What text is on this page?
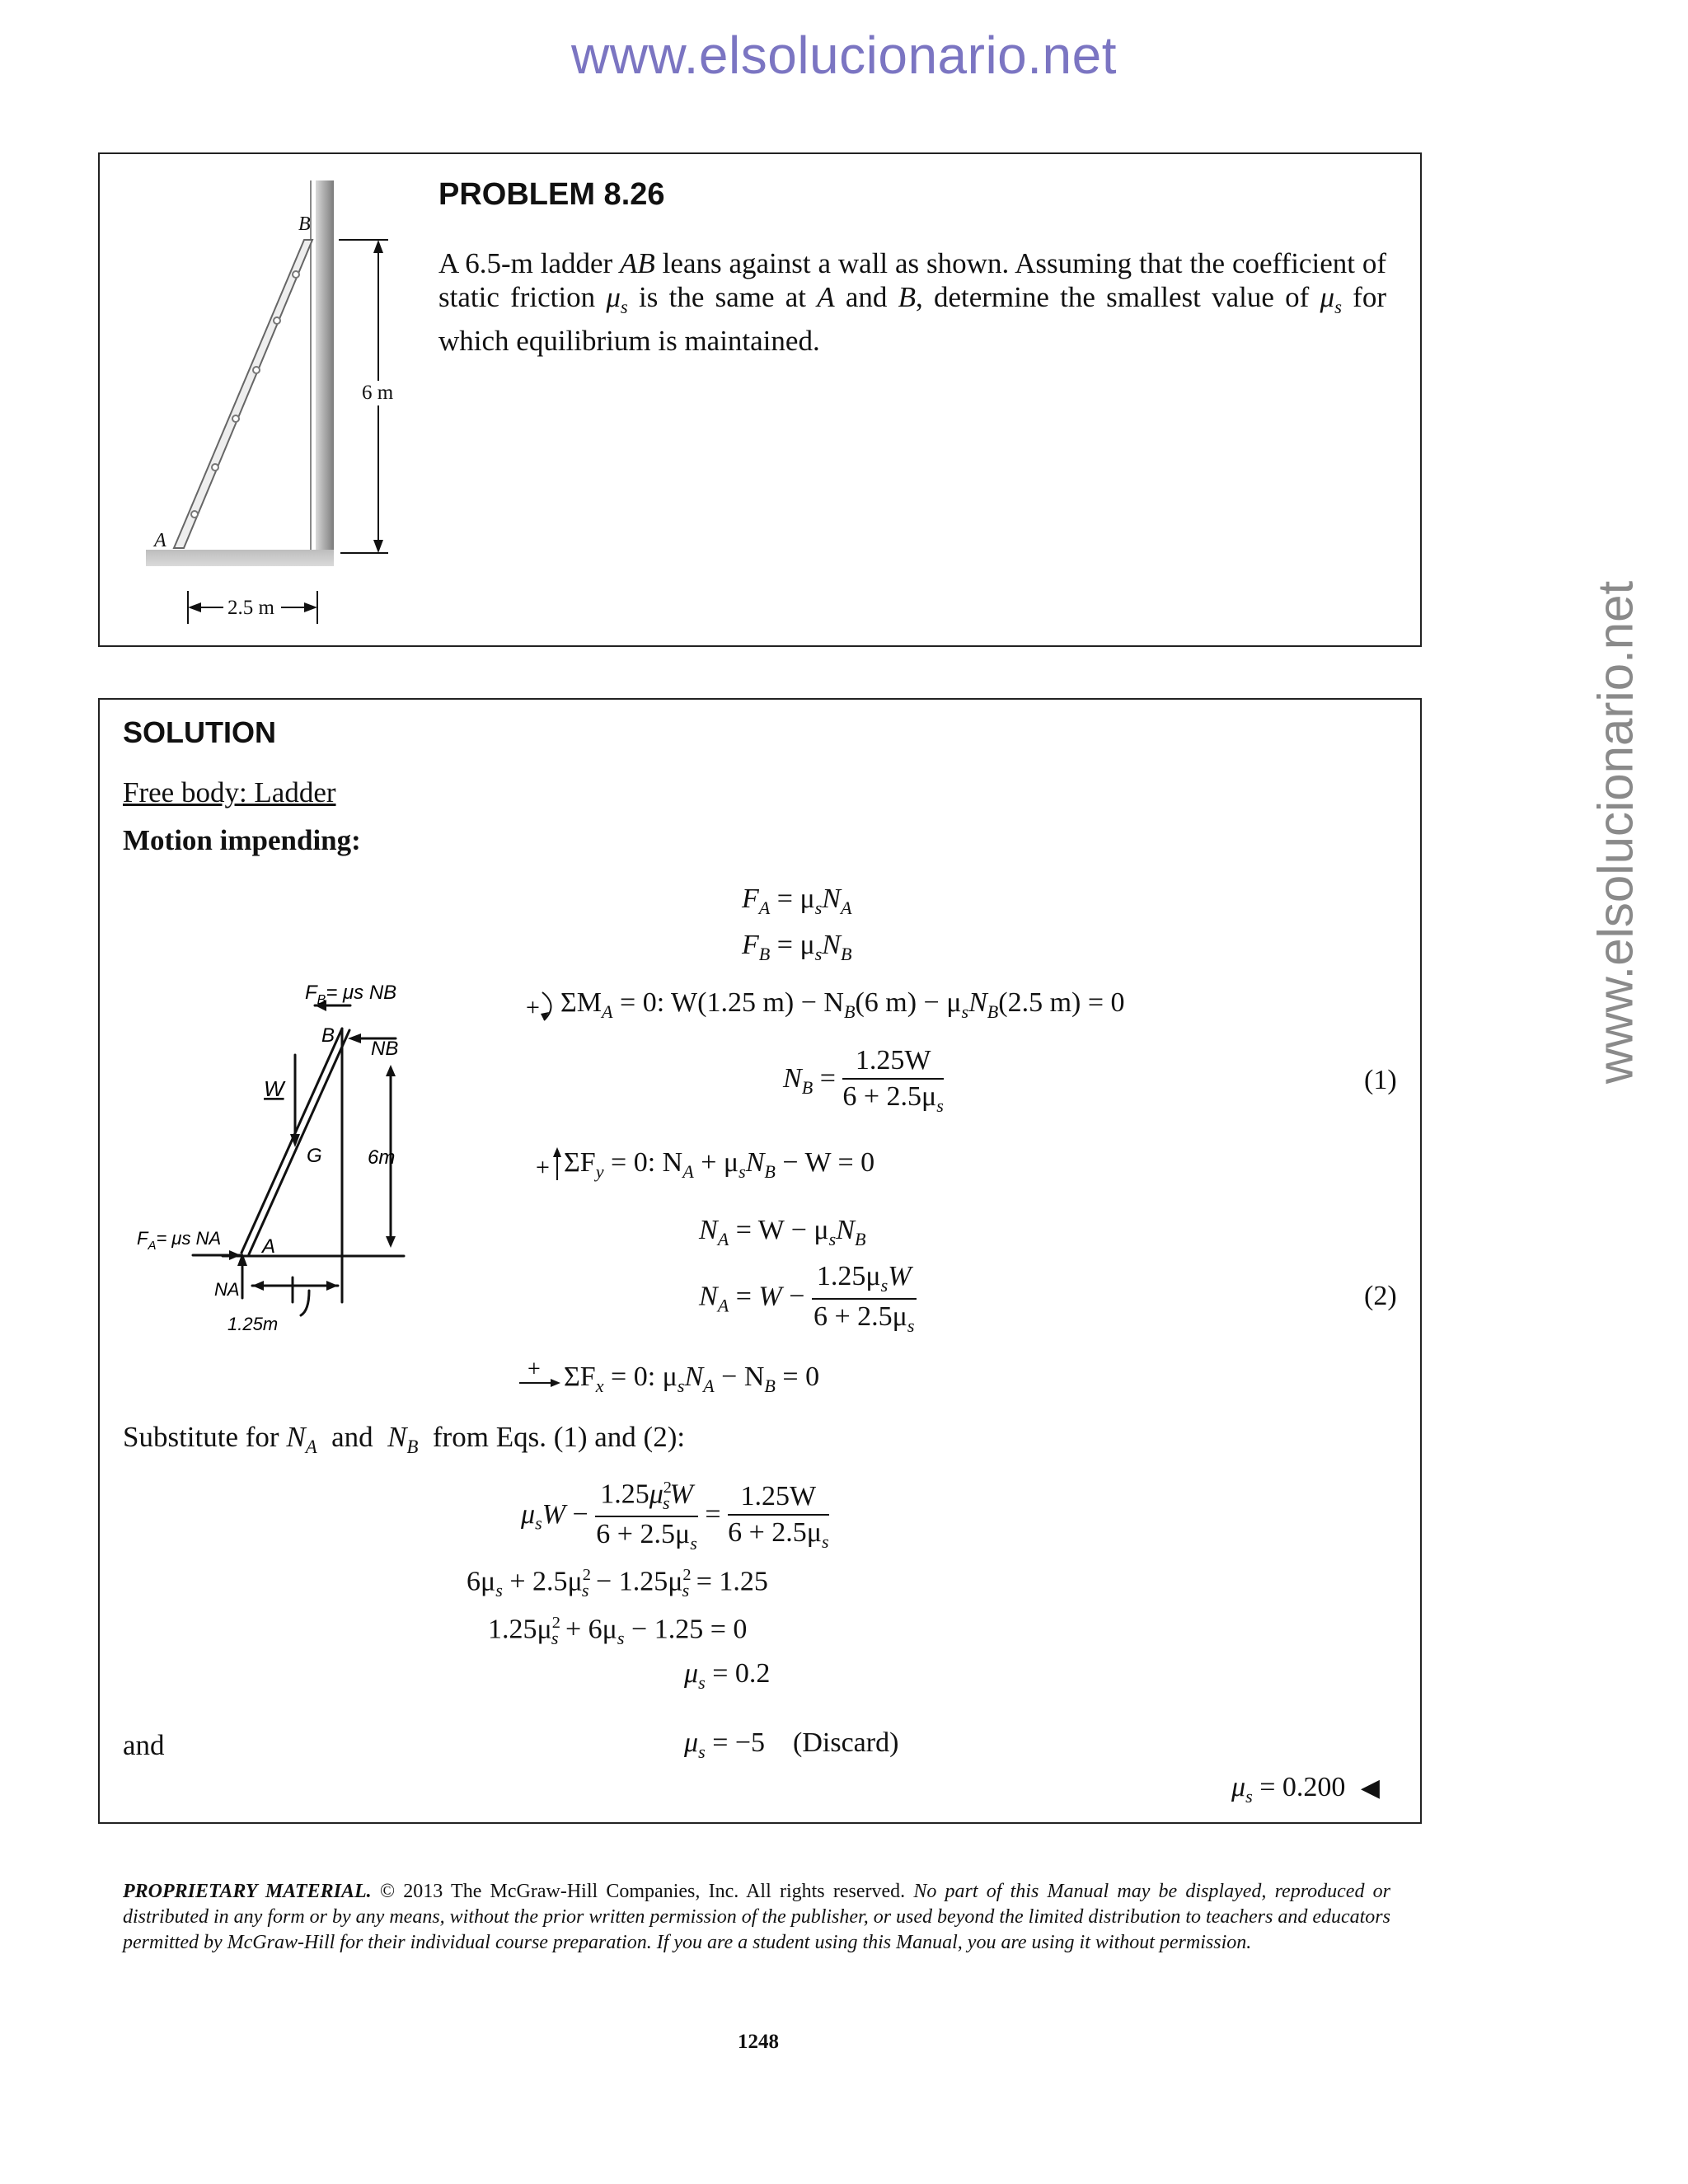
www.elsolucionario.net
www.elsolucionario.net
B
A
6 m
2.5 m
PROBLEM 8.26
A 6.5-m ladder AB leans against a wall as shown. Assuming that the coefficient of static friction $\mu_s$ is the same at A and B, determine the smallest value of $\mu_s$ for which equilibrium is maintained.
SOLUTION
Free body: Ladder
Motion impending:
$F_B= \mu s$ NB
NB
B
W
G 6m
A
$F_A= \mu s$ NA
NA
1.25m
$F_A = \mu_sN_A$
$F_B = \mu_sN_B$
+ $\Sigma M_A = 0$: W(1.25 $m) - N_B(6$ $m) - \mu_sN_B(2.5$ m) = 0
$N_B = \frac{1.25W}{6 + 2.5\mu_s}$	(1)
+ $\Sigma F_y = 0$: $N_A + \mu_sN_B - W = 0$
$N_A = W - \mu_sN_B$
$N_A = W - \frac{1.25\mu_sW}{6 + 2.5\mu_s}$	(2)
+ $\Sigma F_x = 0$: $\mu_sN_A - N_B = 0$
Substitute for $N_A$  and  $N_B$  from Eqs. (1) and (2):
$\mu_sW - \frac{1.25\mu^2_sW}{6 + 2.5\mu_s} = \frac{1.25W}{6 + 2.5\mu_s}$
$6\mu_s + 2.5\mu^2_s - 1.25\mu^2_s = 1.25$
$1.25\mu^2_s + 6\mu_s - 1.25 = 0$
$\mu_s = 0.2$
and	$\mu_s = -5$    (Discard)
$\mu_s = 0.200$ ◀
PROPRIETARY MATERIAL. © 2013 The McGraw-Hill Companies, Inc. All rights reserved. No part of this Manual may be displayed, reproduced or distributed in any form or by any means, without the prior written permission of the publisher, or used beyond the limited distribution to teachers and educators permitted by McGraw-Hill for their individual course preparation. If you are a student using this Manual, you are using it without permission.
1248
